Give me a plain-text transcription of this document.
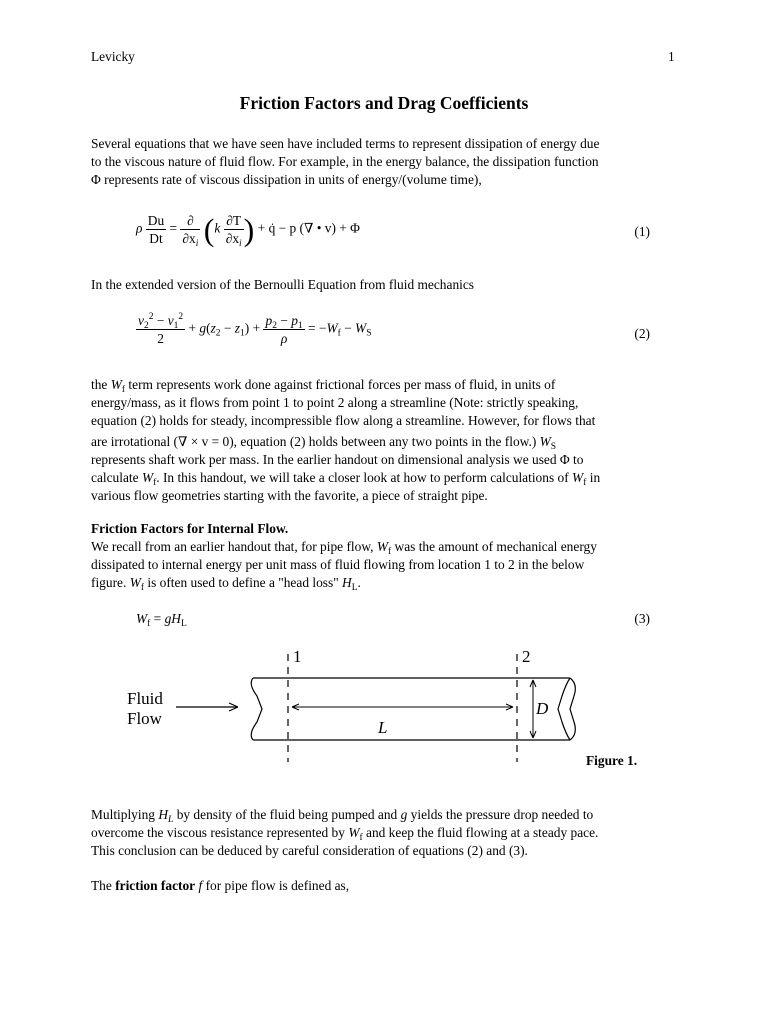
Levicky	1
Friction Factors and Drag Coefficients
Several equations that we have seen have included terms to represent dissipation of energy due
to the viscous nature of fluid flow. For example, in the energy balance, the dissipation function
Φ represents rate of viscous dissipation in units of energy/(volume time),
ρ $\frac{Du}{Dt} = \frac{\partial}{\partial x_i} (k \frac{\partial T}{\partial x_i}$ ) + q̇ − p (∇ • v) + Φ	(1)
In the extended version of the Bernoulli Equation from fluid mechanics
$\frac{v_2^2 - v_1^2}{2} + g(z_2 - z_1) + \frac{p_2 - p_1}{\rho} = -W_f - W_S$	(2)
the $W_f$ term represents work done against frictional forces per mass of fluid, in units of
energy/mass, as it flows from point 1 to point 2 along a streamline (Note: strictly speaking,
equation (2) holds for steady, incompressible flow along a streamline. However, for flows that
are irrotational (∇ × v = 0), equation (2) holds between any two points in the flow.) $W_S$
represents shaft work per mass. In the earlier handout on dimensional analysis we used Φ to
calculate $W_f$. In this handout, we will take a closer look at how to perform calculations of $W_f$ in
various flow geometries starting with the favorite, a piece of straight pipe.
Friction Factors for Internal Flow.
We recall from an earlier handout that, for pipe flow, $W_f$ was the amount of mechanical energy
dissipated to internal energy per unit mass of fluid flowing from location 1 to 2 in the below
figure. $W_f$ is often used to define a "head loss" $H_L$.
$W_f = gH_L$	(3)
1	2
Fluid
Flow	L
D
Figure 1.
Multiplying $H_L$ by density of the fluid being pumped and g yields the pressure drop needed to
overcome the viscous resistance represented by $W_f$ and keep the fluid flowing at a steady pace.
This conclusion can be deduced by careful consideration of equations (2) and (3).
The friction factor f for pipe flow is defined as,
